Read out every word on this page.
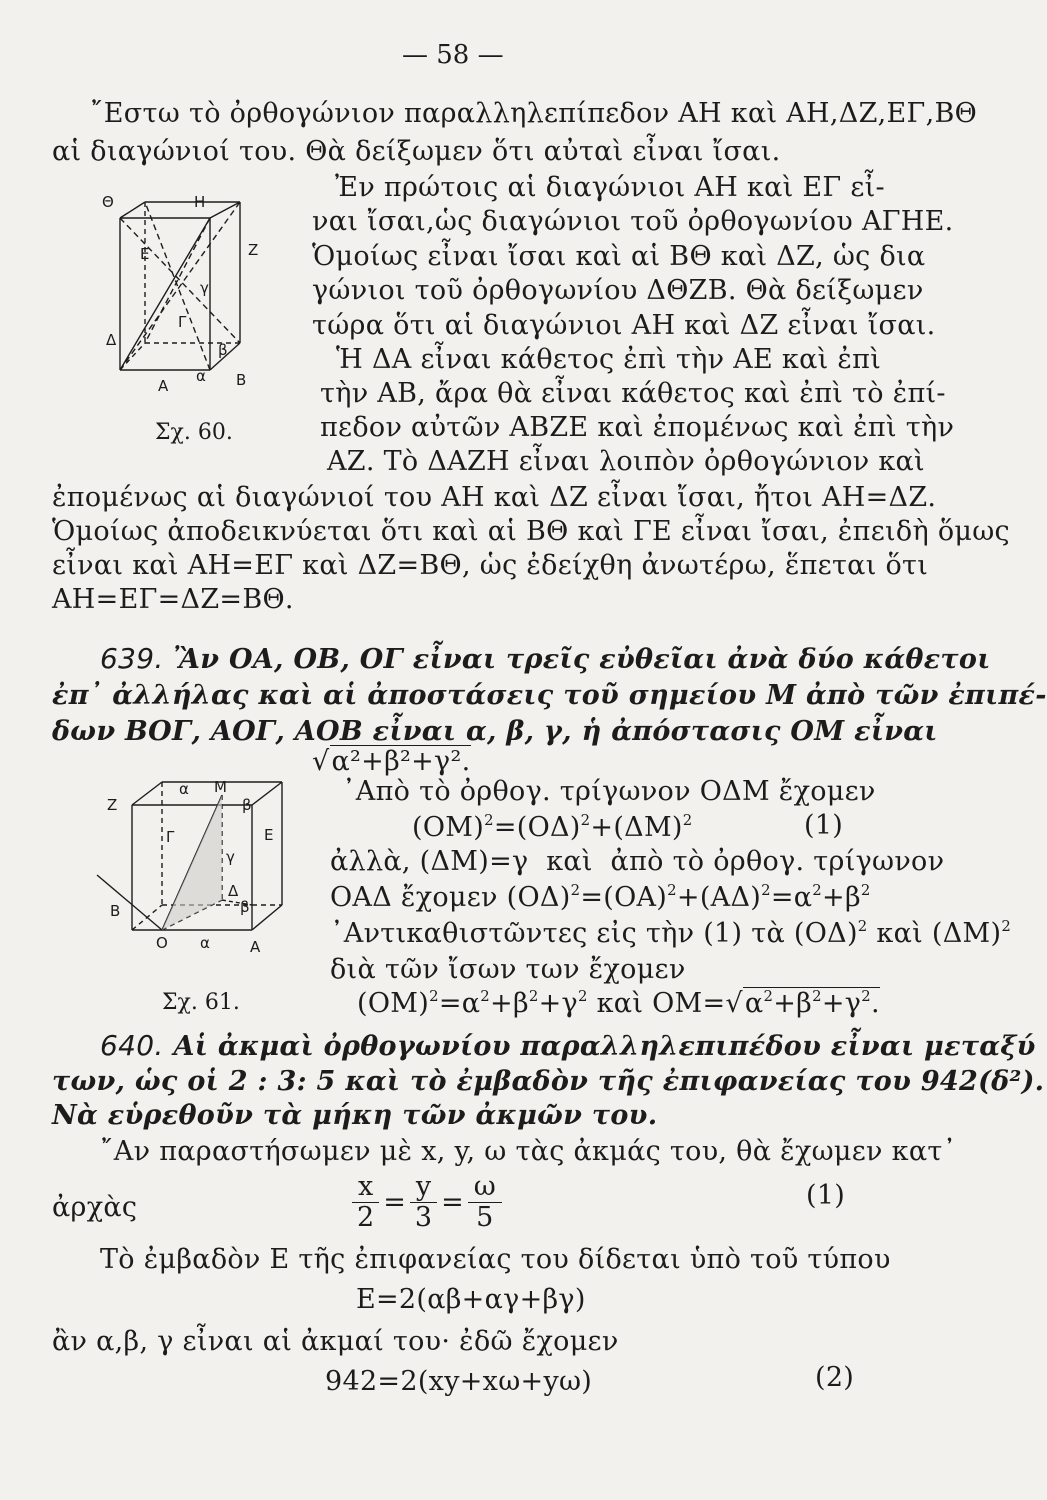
— 58 —
῎Εστω τὸ ὀρθογώνιον παραλληλεπίπεδον ΑΗ καὶ ΑΗ,ΔΖ,ΕΓ,ΒΘ
αἱ διαγώνιοί του. Θὰ δείξωμεν ὅτι αὐταὶ εἶναι ἴσαι.
Θ	Η
Ε	Ζ
Γ
γ
Δ
β
Α
α Β
Σχ. 60.
Ἐν πρώτοις αἱ διαγώνιοι ΑΗ καὶ ΕΓ εἶ-
ναι ἴσαι,ὡς διαγώνιοι τοῦ ὀρθογωνίου ΑΓΗΕ.
Ὁμοίως εἶναι ἴσαι καὶ αἱ ΒΘ καὶ ΔΖ, ὡς δια
γώνιοι τοῦ ὀρθογωνίου ΔΘΖΒ. Θὰ δείξωμεν
τώρα ὅτι αἱ διαγώνιοι ΑΗ καὶ ΔΖ εἶναι ἴσαι.
Ἡ ΔΑ εἶναι κάθετος ἐπὶ τὴν ΑΕ καὶ ἐπὶ
τὴν ΑΒ, ἄρα θὰ εἶναι κάθετος καὶ ἐπὶ τὸ ἐπί-
πεδον αὐτῶν ΑΒΖΕ καὶ ἐπομένως καὶ ἐπὶ τὴν
ΑΖ. Τὸ ΔΑΖΗ εἶναι λοιπὸν ὀρθογώνιον καὶ
ἐπομένως αἱ διαγώνιοί του ΑΗ καὶ ΔΖ εἶναι ἴσαι, ἤτοι ΑΗ=ΔΖ.
Ὁμοίως ἀποδεικνύεται ὅτι καὶ αἱ ΒΘ καὶ ΓΕ εἶναι ἴσαι, ἐπειδὴ ὅμως
εἶναι καὶ ΑΗ=ΕΓ καὶ ΔΖ=ΒΘ, ὡς ἐδείχθη ἀνωτέρω, ἕπεται ὅτι
ΑΗ=ΕΓ=ΔΖ=ΒΘ.
639. Ἂν ΟΑ, ΟΒ, ΟΓ εἶναι τρεῖς εὐθεῖαι ἀνὰ δύο κάθετοι
ἐπ᾿ ἀλλήλας καὶ αἱ ἀποστάσεις τοῦ σημείου Μ ἀπὸ τῶν ἐπιπέ-
δων ΒΟΓ, ΑΟΓ, ΑΟΒ εἶναι α, β, γ, ἡ ἀπόστασις ΟΜ εἶναι
√α²+β²+γ².
Ζ
α Μ
β
Ε
Γ
γ
Δ
β
Β
Ο α	Α
Σχ. 61.
᾿Απὸ τὸ ὀρθογ. τρίγωνον ΟΔΜ ἔχομεν
$(OM)^2=(O\Delta)^2+(\Delta M)^2$	(1)
ἀλλὰ, (ΔΜ)=γ  καὶ  ἀπὸ τὸ ὀρθογ. τρίγωνον
ΟΑΔ ἔχομεν $(O\Delta)^2=(OA)^2+(A\Delta)^2=\alpha^2+\beta^2$
᾿Αντικαθιστῶντες εἰς τὴν (1) τὰ $(O\Delta)^2$ καὶ $(\Delta M)^2$
διὰ τῶν ἴσων των ἔχομεν
$(OM)^2=\alpha^2+\beta^2+\gamma^2$ καὶ $OM=√\alpha^2+\beta^2+\gamma^2$.
640. Αἱ ἀκμαὶ ὀρθογωνίου παραλληλεπιπέδου εἶναι μεταξύ
των, ὡς οἱ 2 : 3: 5 καὶ τὸ ἐμβαδὸν τῆς ἐπιφανείας του 942(δ²).
Νὰ εὑρεθοῦν τὰ μήκη τῶν ἀκμῶν του.
῎Αν παραστήσωμεν μὲ x, y, ω τὰς ἀκμάς του, θὰ ἔχωμεν κατ᾿
ἀρχὰς	$\frac{x}{2} = \frac{y}{3} = \frac{\omega}{5}$	(1)
Τὸ ἐμβαδὸν Ε τῆς ἐπιφανείας του δίδεται ὑπὸ τοῦ τύπου
Ε=2(αβ+αγ+βγ)
ἂν α,β, γ εἶναι αἱ ἀκμαί του· ἐδῶ ἔχομεν
942=2(xy+xω+yω)	(2)
